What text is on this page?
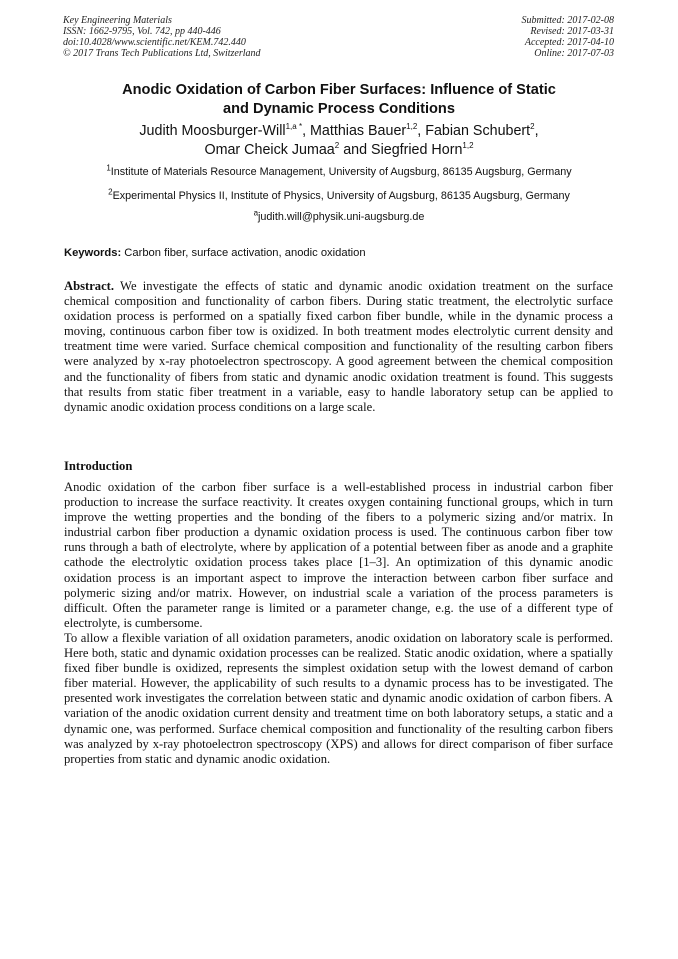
Key Engineering Materials
ISSN: 1662-9795, Vol. 742, pp 440-446
doi:10.4028/www.scientific.net/KEM.742.440
© 2017 Trans Tech Publications Ltd, Switzerland
Submitted: 2017-02-08
Revised: 2017-03-31
Accepted: 2017-04-10
Online: 2017-07-03
Anodic Oxidation of Carbon Fiber Surfaces: Influence of Static
and Dynamic Process Conditions
Judith Moosburger-Will$^{1,a *}$, Matthias Bauer$^{1,2}$, Fabian Schubert$^2$,
Omar Cheick Jumaa$^2$ and Siegfried Horn$^{1,2}$
$^1$Institute of Materials Resource Management, University of Augsburg, 86135 Augsburg, Germany
$^2$Experimental Physics II, Institute of Physics, University of Augsburg, 86135 Augsburg, Germany
$^a$judith.will@physik.uni-augsburg.de
Keywords: Carbon fiber, surface activation, anodic oxidation

Abstract. We investigate the effects of static and dynamic anodic oxidation treatment on the surface chemical composition and functionality of carbon fibers. During static treatment, the electrolytic surface oxidation process is performed on a spatially fixed carbon fiber bundle, while in the dynamic process a moving, continuous carbon fiber tow is oxidized. In both treatment modes electrolytic current density and treatment time were varied. Surface chemical composition and functionality of the resulting carbon fibers were analyzed by x-ray photoelectron spectroscopy. A good agreement between the chemical composition and the functionality of fibers from static and dynamic anodic oxidation treatment is found. This suggests that results from static fiber treatment in a variable, easy to handle laboratory setup can be applied to dynamic anodic oxidation process conditions on a large scale.

Introduction

Anodic oxidation of the carbon fiber surface is a well-established process in industrial carbon fiber production to increase the surface reactivity. It creates oxygen containing functional groups, which in turn improve the wetting properties and the bonding of the fibers to a polymeric sizing and/or matrix. In industrial carbon fiber production a dynamic oxidation process is used. The continuous carbon fiber tow runs through a bath of electrolyte, where by application of a potential between fiber as anode and a graphite cathode the electrolytic oxidation process takes place [1–3]. An optimization of this dynamic anodic oxidation process is an important aspect to improve the interaction between carbon fiber surface and polymeric sizing and/or matrix. However, on industrial scale a variation of the process parameters is difficult. Often the parameter range is limited or a parameter change, e.g. the use of a different type of electrolyte, is cumbersome.

To allow a flexible variation of all oxidation parameters, anodic oxidation on laboratory scale is performed. Here both, static and dynamic oxidation processes can be realized. Static anodic oxidation, where a spatially fixed fiber bundle is oxidized, represents the simplest oxidation setup with the lowest demand of carbon fiber material. However, the applicability of such results to a dynamic process has to be investigated. The presented work investigates the correlation between static and dynamic anodic oxidation of carbon fibers. A variation of the anodic oxidation current density and treatment time on both laboratory setups, a static and a dynamic one, was performed. Surface chemical composition and functionality of the resulting carbon fibers was analyzed by x-ray photoelectron spectroscopy (XPS) and allows for direct comparison of fiber surface properties from static and dynamic anodic oxidation.
